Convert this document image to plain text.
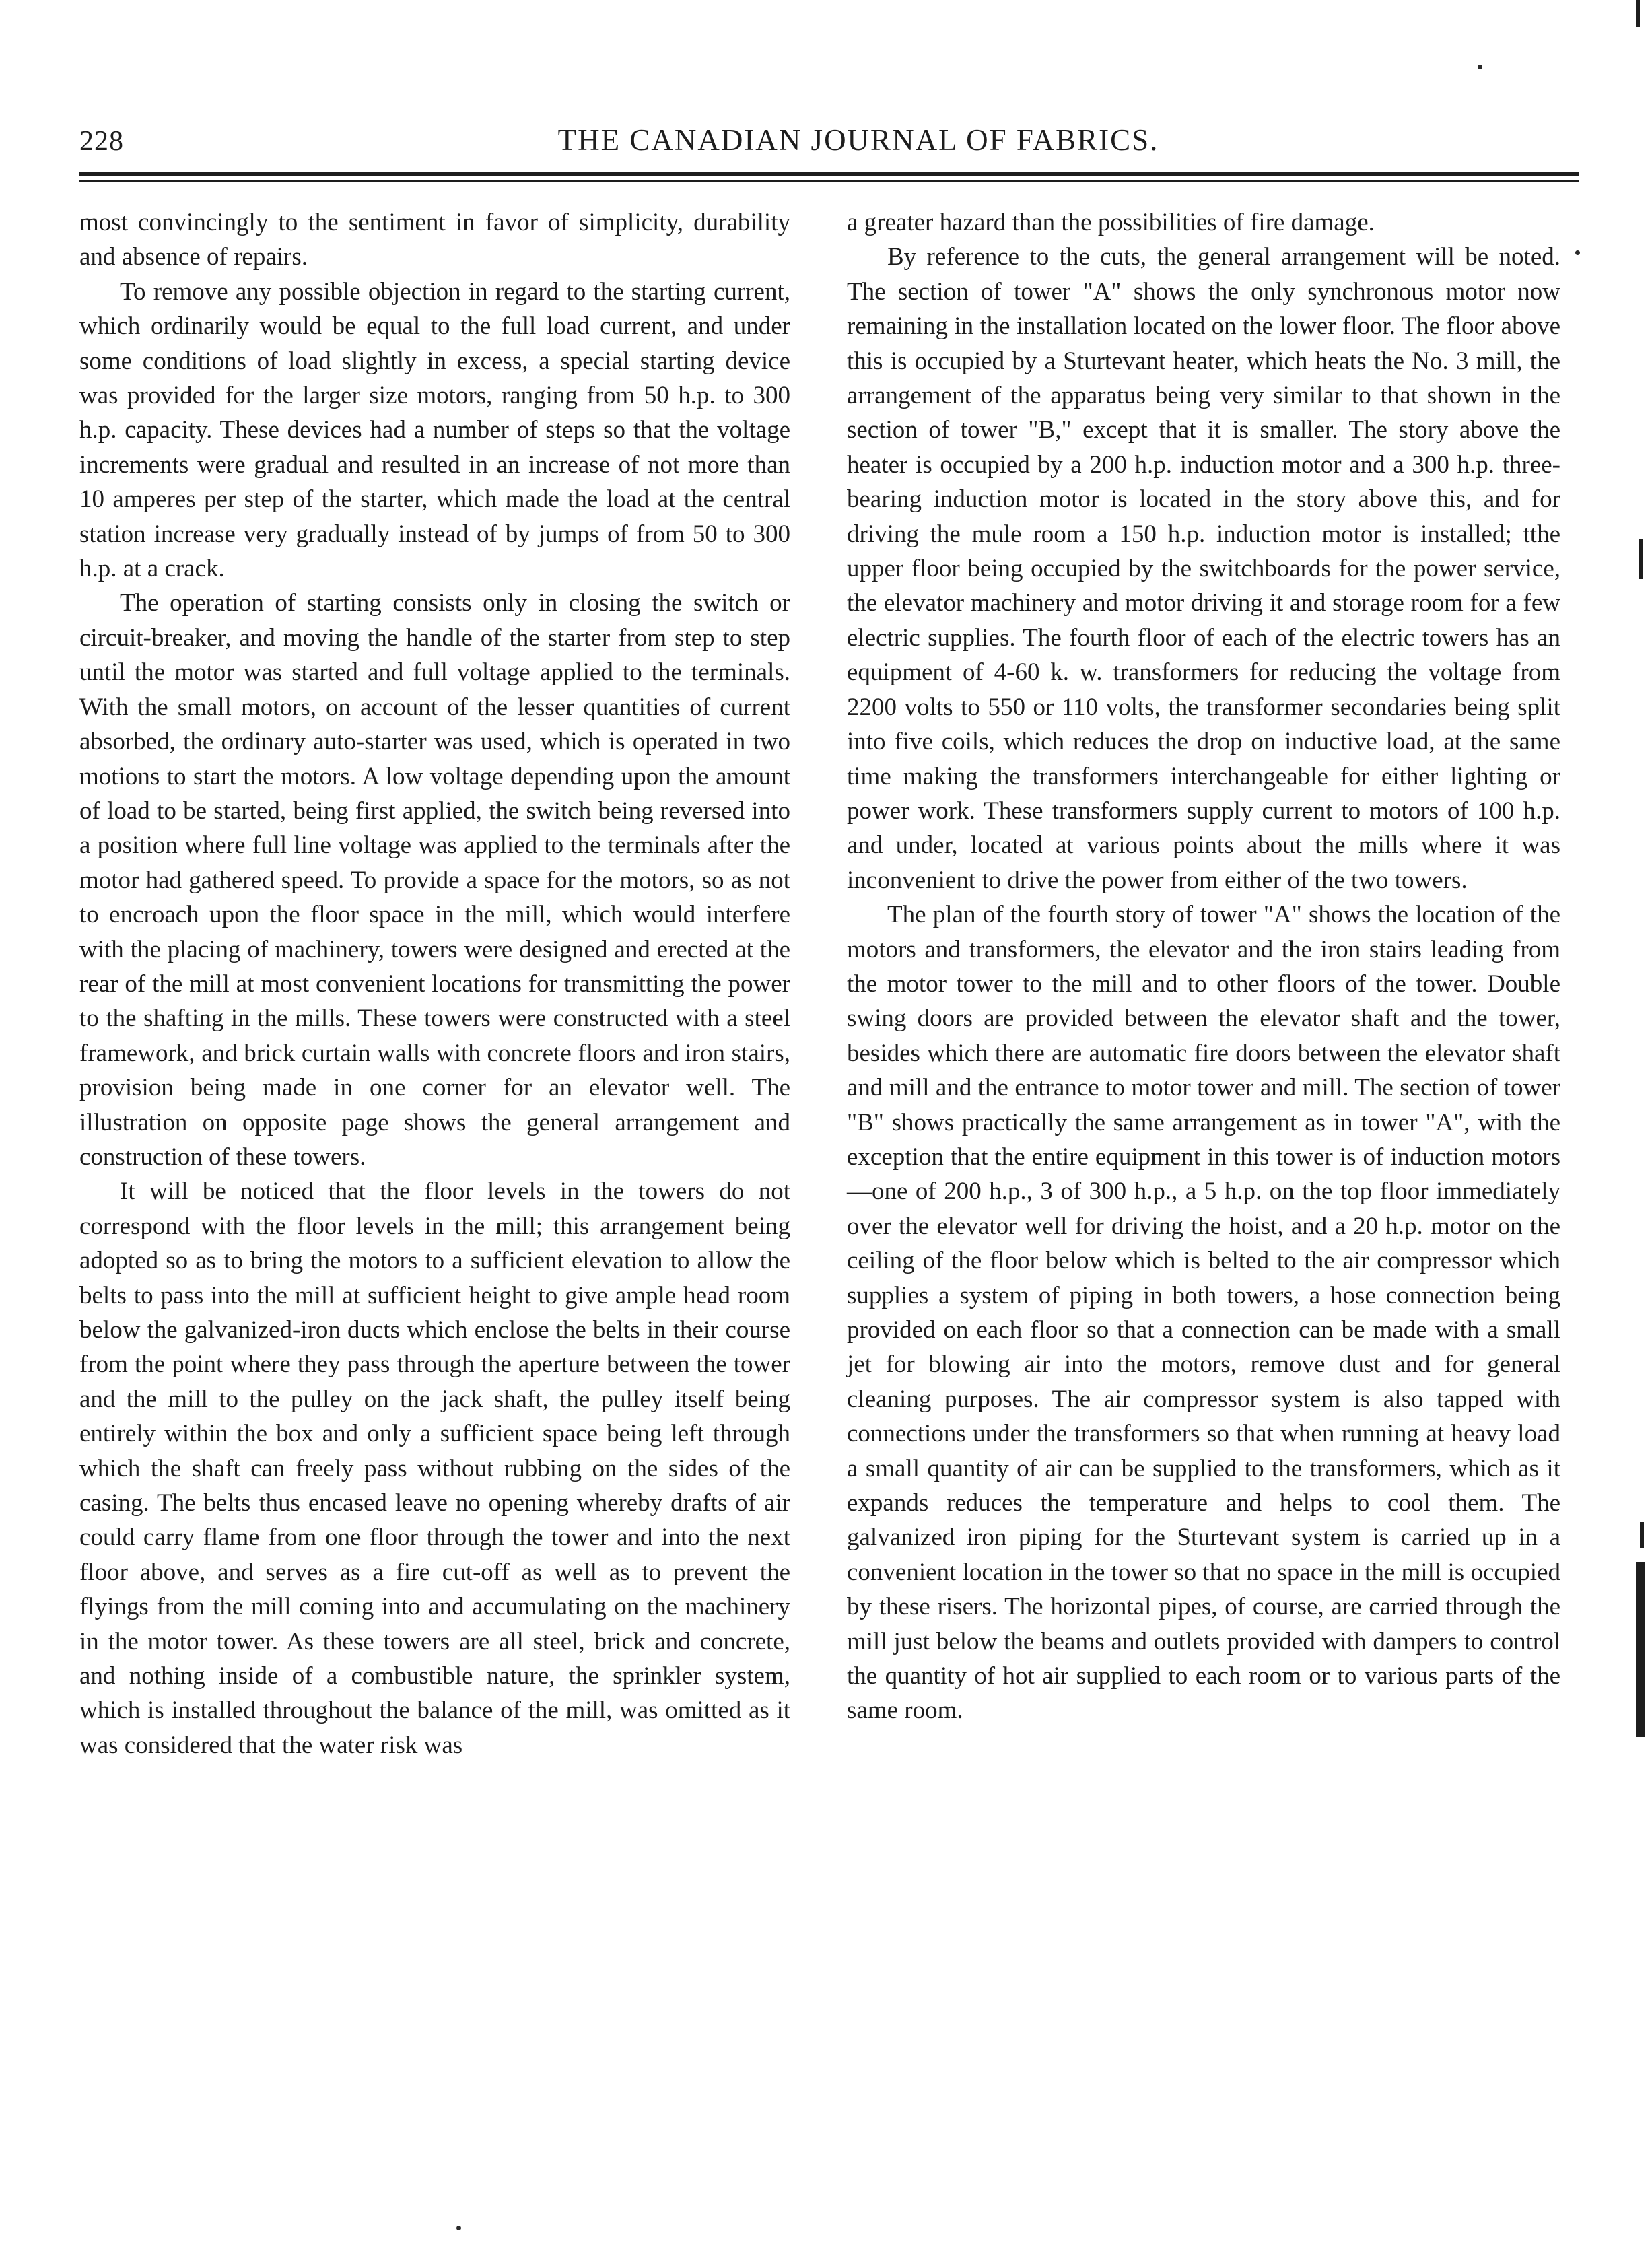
228	THE CANADIAN JOURNAL OF FABRICS.

most convincingly to the sentiment in favor of simplicity, durability and absence of repairs.

To remove any possible objection in regard to the starting current, which ordinarily would be equal to the full load current, and under some conditions of load slightly in excess, a special starting device was provided for the larger size motors, ranging from 50 h.p. to 300 h.p. capacity. These devices had a number of steps so that the voltage increments were gradual and resulted in an increase of not more than 10 amperes per step of the starter, which made the load at the central station increase very gradually instead of by jumps of from 50 to 300 h.p. at a crack.

The operation of starting consists only in closing the switch or circuit-breaker, and moving the handle of the starter from step to step until the motor was started and full voltage applied to the terminals. With the small motors, on account of the lesser quantities of current absorbed, the ordinary auto-starter was used, which is operated in two motions to start the motors. A low voltage depending upon the amount of load to be started, being first applied, the switch being reversed into a position where full line voltage was applied to the terminals after the motor had gathered speed. To provide a space for the motors, so as not to encroach upon the floor space in the mill, which would interfere with the placing of machinery, towers were designed and erected at the rear of the mill at most convenient locations for transmitting the power to the shafting in the mills. These towers were constructed with a steel framework, and brick curtain walls with concrete floors and iron stairs, provision being made in one corner for an elevator well. The illustration on opposite page shows the general arrangement and construction of these towers.

It will be noticed that the floor levels in the towers do not correspond with the floor levels in the mill; this arrangement being adopted so as to bring the motors to a sufficient elevation to allow the belts to pass into the mill at sufficient height to give ample head room below the galvanized-iron ducts which enclose the belts in their course from the point where they pass through the aperture between the tower and the mill to the pulley on the jack shaft, the pulley itself being entirely within the box and only a sufficient space being left through which the shaft can freely pass without rubbing on the sides of the casing. The belts thus encased leave no opening whereby drafts of air could carry flame from one floor through the tower and into the next floor above, and serves as a fire cut-off as well as to prevent the flyings from the mill coming into and accumulating on the machinery in the motor tower. As these towers are all steel, brick and concrete, and nothing inside of a combustible nature, the sprinkler system, which is installed throughout the balance of the mill, was omitted as it was considered that the water risk was

a greater hazard than the possibilities of fire damage.

By reference to the cuts, the general arrangement will be noted. The section of tower "A" shows the only synchronous motor now remaining in the installation located on the lower floor. The floor above this is occupied by a Sturtevant heater, which heats the No. 3 mill, the arrangement of the apparatus being very similar to that shown in the section of tower "B," except that it is smaller. The story above the heater is occupied by a 200 h.p. induction motor and a 300 h.p. three-bearing induction motor is located in the story above this, and for driving the mule room a 150 h.p. induction motor is installed; tthe upper floor being occupied by the switchboards for the power service, the elevator machinery and motor driving it and storage room for a few electric supplies. The fourth floor of each of the electric towers has an equipment of 4-60 k. w. transformers for reducing the voltage from 2200 volts to 550 or 110 volts, the transformer secondaries being split into five coils, which reduces the drop on inductive load, at the same time making the transformers interchangeable for either lighting or power work. These transformers supply current to motors of 100 h.p. and under, located at various points about the mills where it was inconvenient to drive the power from either of the two towers.

The plan of the fourth story of tower "A" shows the location of the motors and transformers, the elevator and the iron stairs leading from the motor tower to the mill and to other floors of the tower. Double swing doors are provided between the elevator shaft and the tower, besides which there are automatic fire doors between the elevator shaft and mill and the entrance to motor tower and mill. The section of tower "B" shows practically the same arrangement as in tower "A", with the exception that the entire equipment in this tower is of induction motors—one of 200 h.p., 3 of 300 h.p., a 5 h.p. on the top floor immediately over the elevator well for driving the hoist, and a 20 h.p. motor on the ceiling of the floor below which is belted to the air compressor which supplies a system of piping in both towers, a hose connection being provided on each floor so that a connection can be made with a small jet for blowing air into the motors, remove dust and for general cleaning purposes. The air compressor system is also tapped with connections under the transformers so that when running at heavy load a small quantity of air can be supplied to the transformers, which as it expands reduces the temperature and helps to cool them. The galvanized iron piping for the Sturtevant system is carried up in a convenient location in the tower so that no space in the mill is occupied by these risers. The horizontal pipes, of course, are carried through the mill just below the beams and outlets provided with dampers to control the quantity of hot air supplied to each room or to various parts of the same room.
